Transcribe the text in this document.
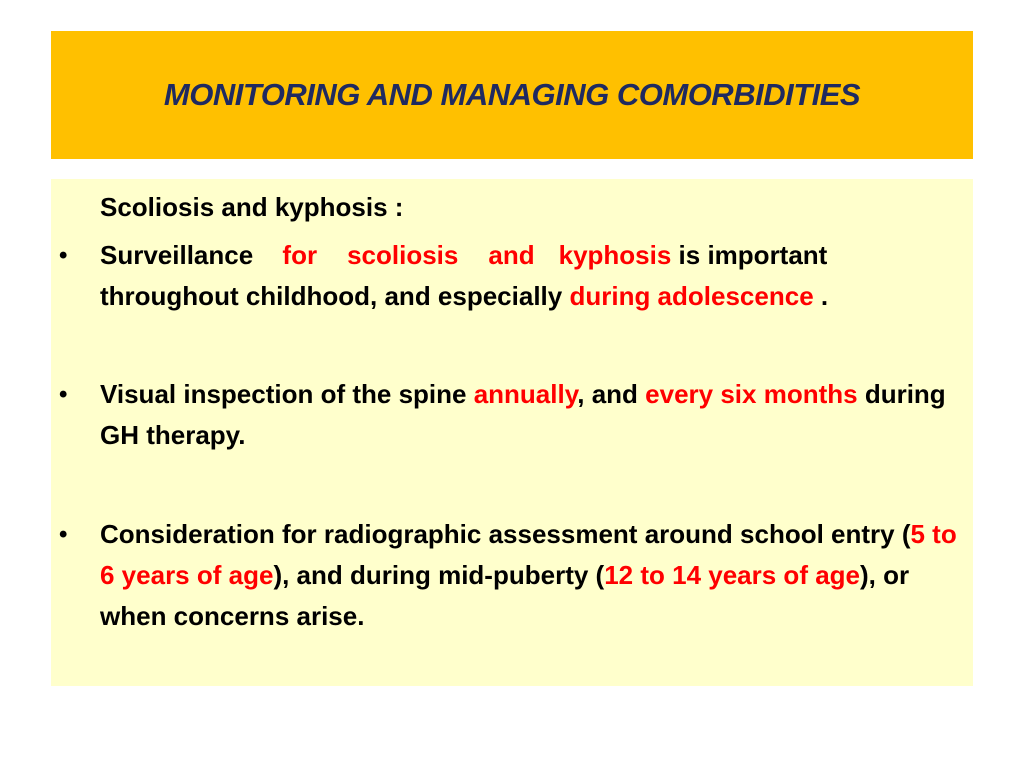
MONITORING AND MANAGING COMORBIDITIES
Scoliosis and kyphosis :
• Surveillance for scoliosis and kyphosis is important throughout childhood, and especially during adolescence .
• Visual inspection of the spine annually, and every six months during GH therapy.
• Consideration for radiographic assessment around school entry (5 to 6 years of age), and during mid-puberty (12 to 14 years of age), or when concerns arise.
